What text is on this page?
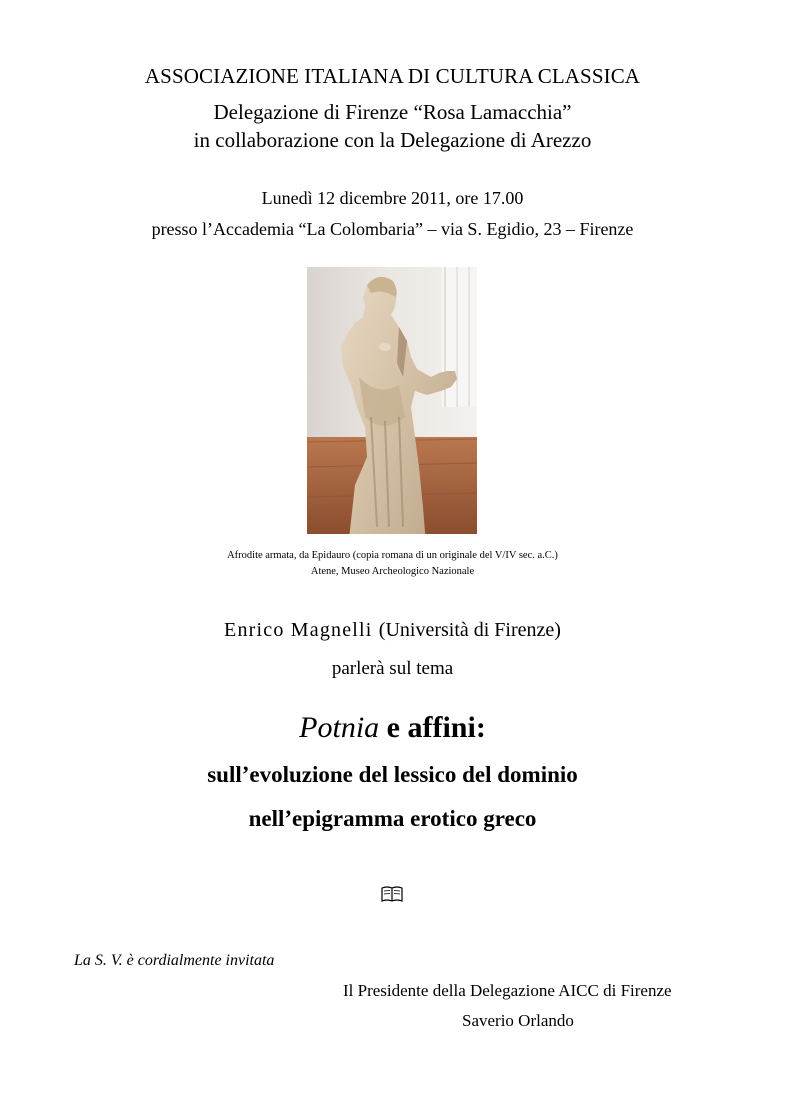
ASSOCIAZIONE ITALIANA DI CULTURA CLASSICA
Delegazione di Firenze “Rosa Lamacchia”
in collaborazione con la Delegazione di Arezzo
Lunedì 12 dicembre 2011, ore 17.00
presso l’Accademia “La Colombaria” – via S. Egidio, 23 – Firenze
Afrodite armata, da Epidauro (copia romana di un originale del V/IV sec. a.C.)
Atene, Museo Archeologico Nazionale
Enrico Magnelli (Università di Firenze)
parlerà sul tema
Potnia e affini:
sull’evoluzione del lessico del dominio
nell’epigramma erotico greco
La S. V. è cordialmente invitata
Il Presidente della Delegazione AICC di Firenze
Saverio Orlando
